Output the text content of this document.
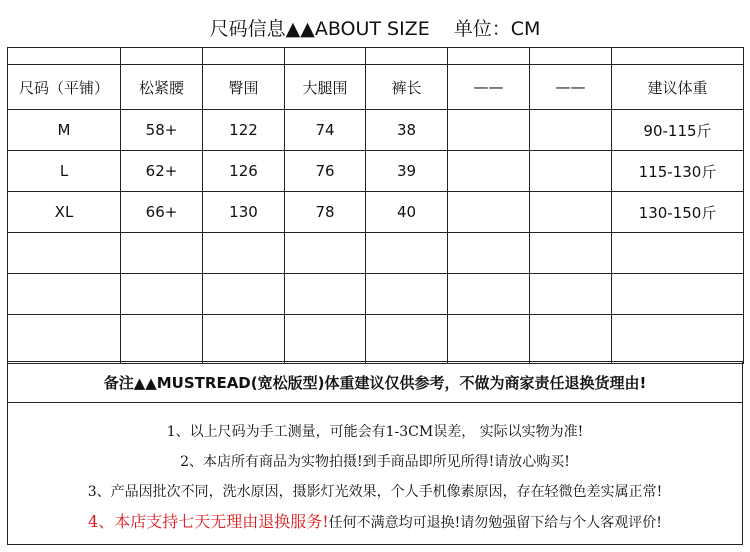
尺码信息▲▲ABOUT SIZE 单位：CM

尺码（平铺）	松紧腰	臀围	大腿围	裤长	——	——	建议体重
M	58+	122	74	38			90-115斤
L	62+	126	76	39			115-130斤
XL	66+	130	78	40			130-150斤

备注▲▲MUSTREAD(宽松版型)体重建议仅供参考，不做为商家责任退换货理由!
1、以上尺码为手工测量，可能会有1-3CM误差， 实际以实物为准!
2、本店所有商品为实物拍摄!到手商品即所见所得!请放心购买!
3、产品因批次不同，洗水原因，摄影灯光效果，个人手机像素原因，存在轻微色差实属正常!
4、本店支持七天无理由退换服务!任何不满意均可退换!请勿勉强留下给与个人客观评价!
